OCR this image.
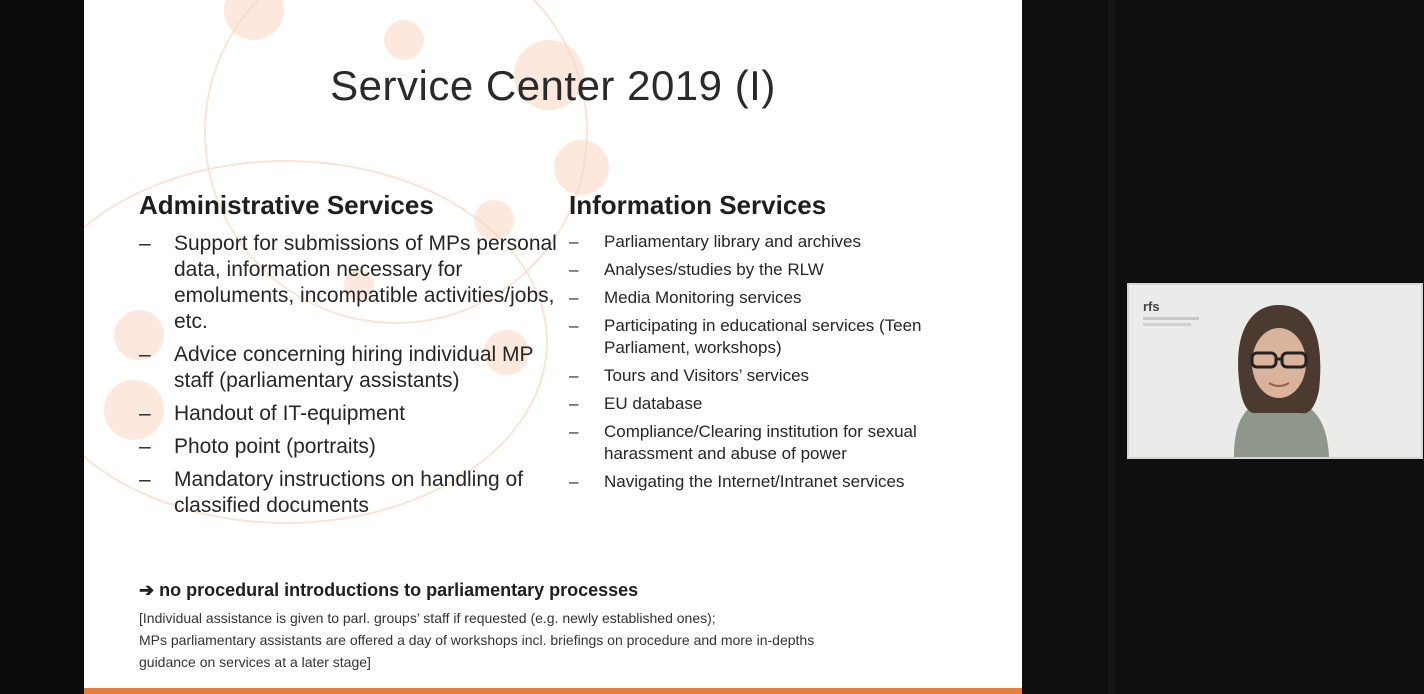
Service Center 2019 (I)
Administrative Services
– Support for submissions of MPs personal data, information necessary for emoluments, incompatible activities/jobs, etc.
– Advice concerning hiring individual MP staff (parliamentary assistants)
– Handout of IT-equipment
– Photo point (portraits)
– Mandatory instructions on handling of classified documents
Information Services
– Parliamentary library and archives
– Analyses/studies by the RLW
– Media Monitoring services
– Participating in educational services (Teen Parliament, workshops)
– Tours and Visitors’ services
– EU database
– Compliance/Clearing institution for sexual harassment and abuse of power
– Navigating the Internet/Intranet services
➔ no procedural introductions to parliamentary processes
[Individual assistance is given to parl. groups’ staff if requested (e.g. newly established ones);
MPs parliamentary assistants are offered a day of workshops incl. briefings on procedure and more in-depths
guidance on services at a later stage]
rfs
